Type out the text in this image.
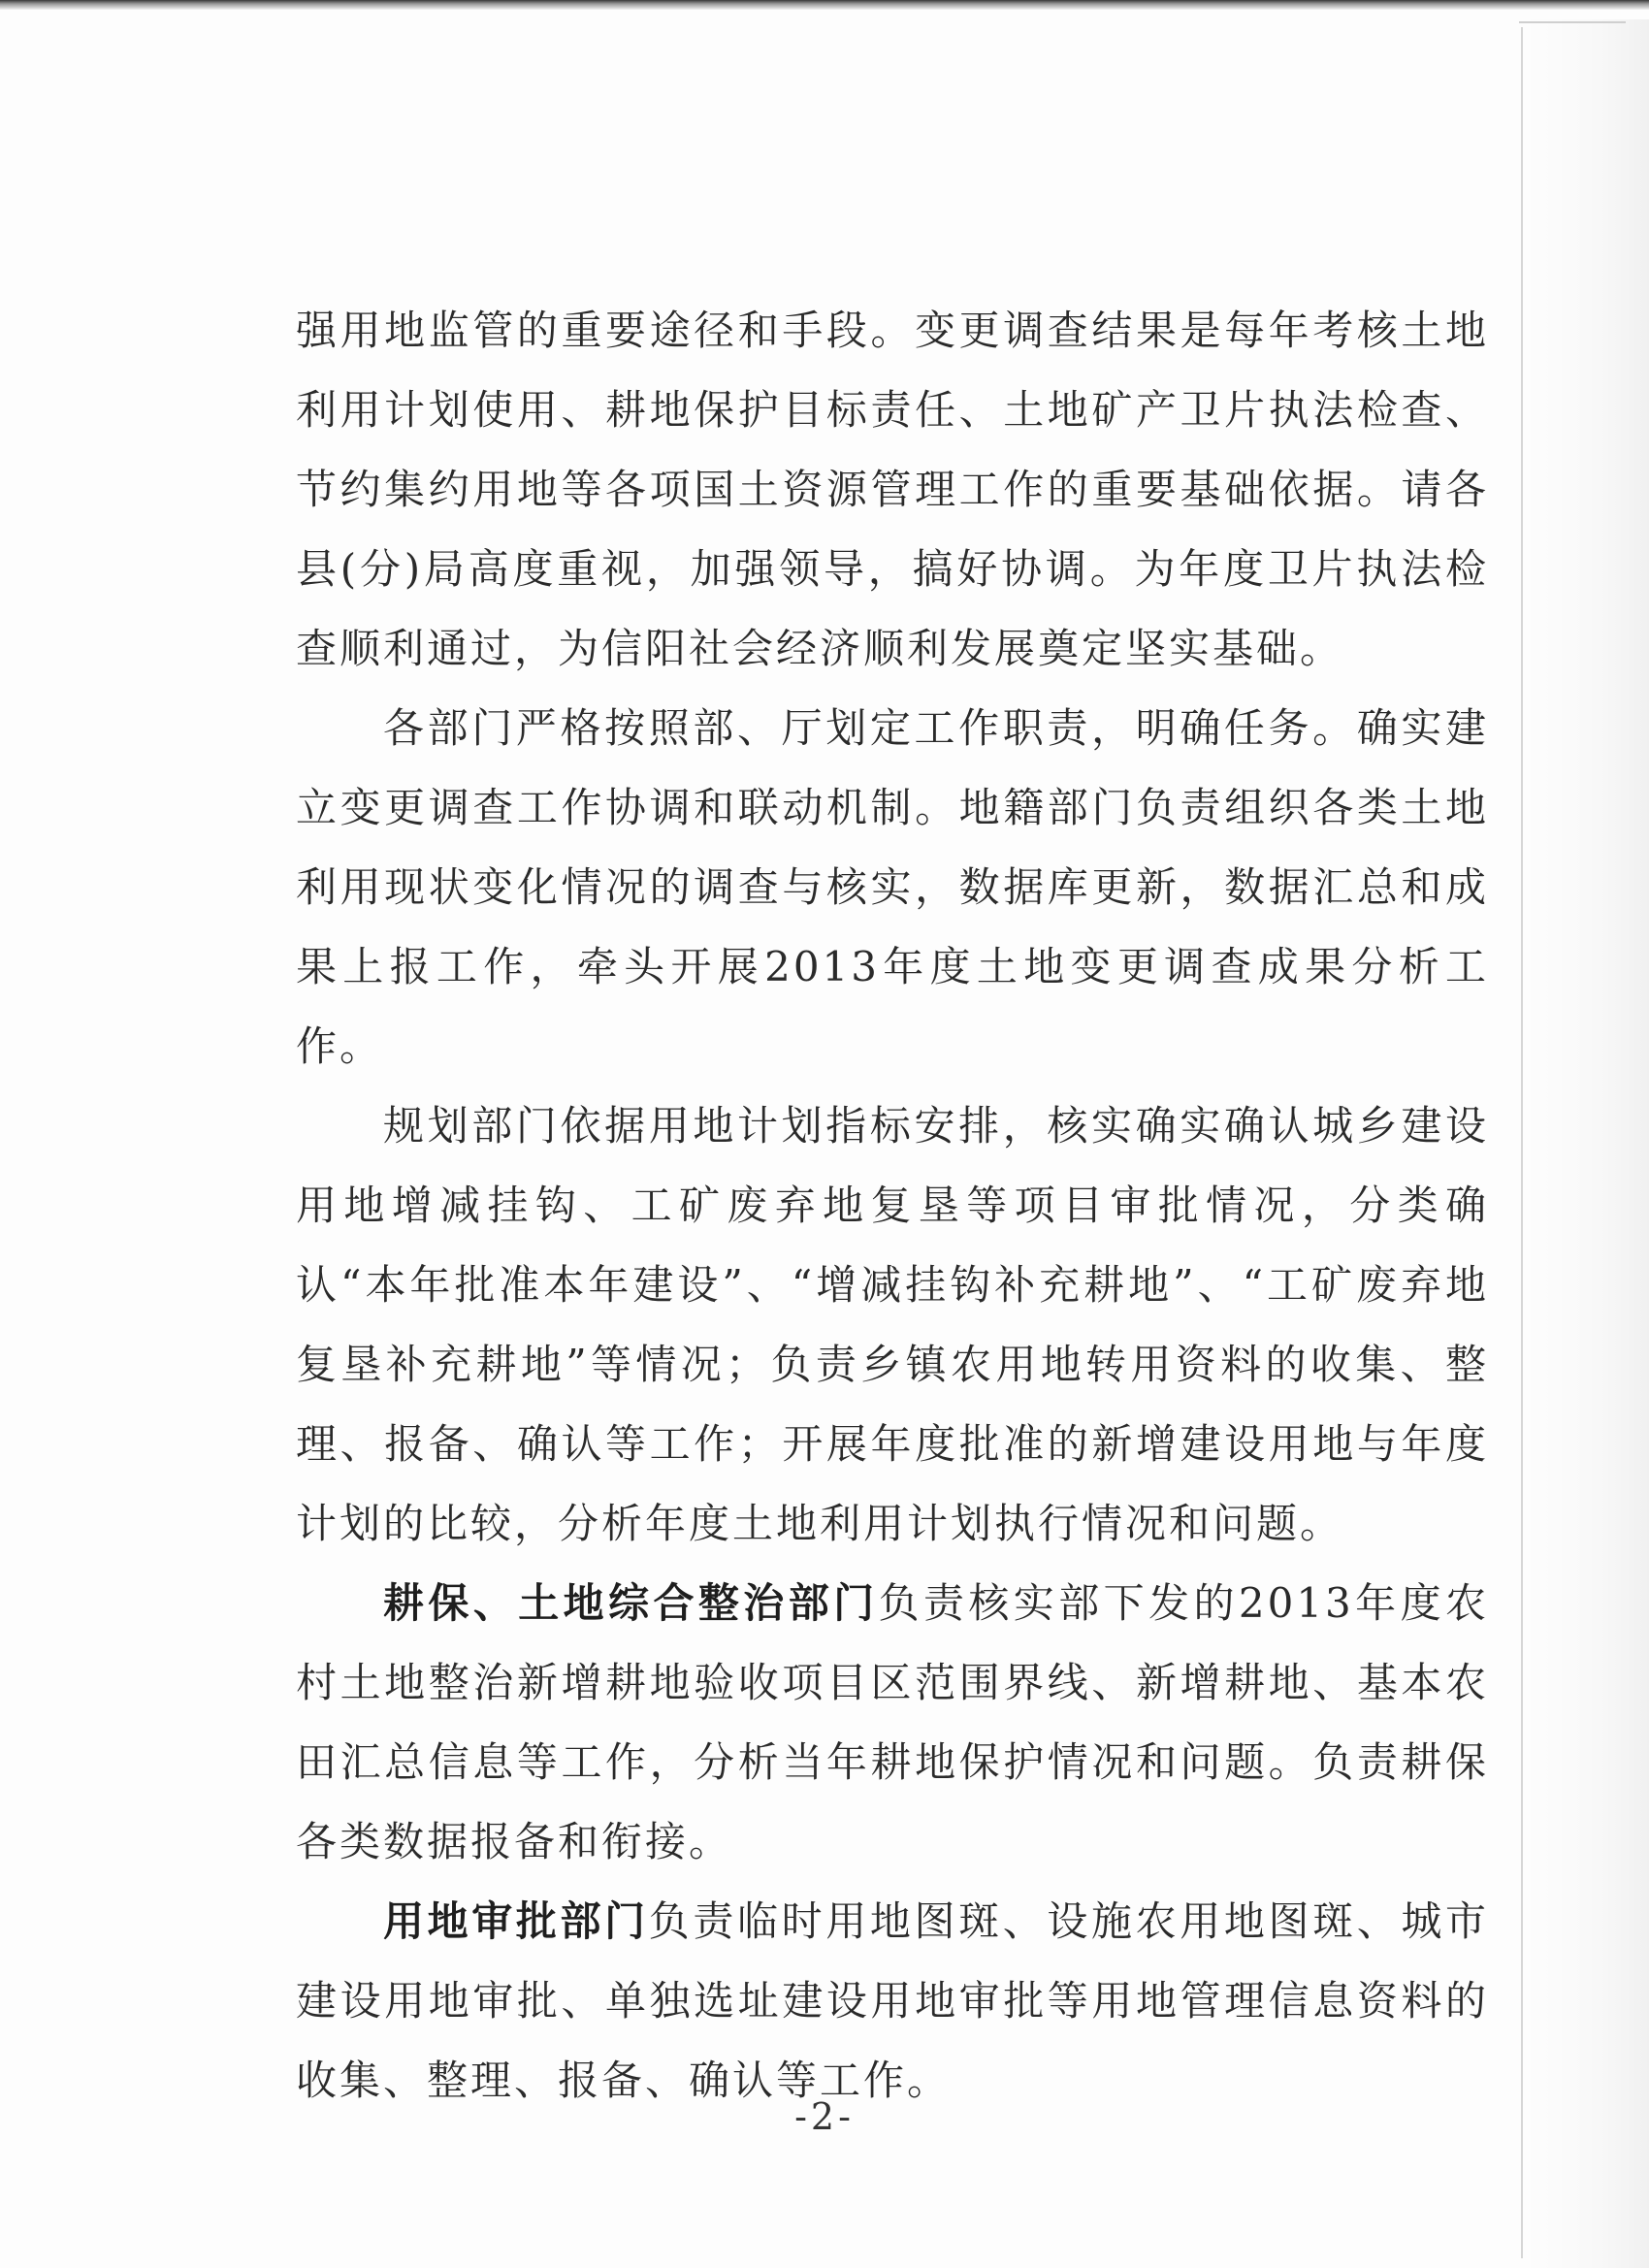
强用地监管的重要途径和手段。变更调查结果是每年考核土地利用计划使用、耕地保护目标责任、土地矿产卫片执法检查、节约集约用地等各项国土资源管理工作的重要基础依据。请各县(分)局高度重视，加强领导，搞好协调。为年度卫片执法检查顺利通过，为信阳社会经济顺利发展奠定坚实基础。

各部门严格按照部、厅划定工作职责，明确任务。确实建立变更调查工作协调和联动机制。地籍部门负责组织各类土地利用现状变化情况的调查与核实，数据库更新，数据汇总和成果上报工作，牵头开展2013年度土地变更调查成果分析工作。

规划部门依据用地计划指标安排，核实确实确认城乡建设用地增减挂钩、工矿废弃地复垦等项目审批情况，分类确认“本年批准本年建设”、“增减挂钩补充耕地”、“工矿废弃地复垦补充耕地”等情况；负责乡镇农用地转用资料的收集、整理、报备、确认等工作；开展年度批准的新增建设用地与年度计划的比较，分析年度土地利用计划执行情况和问题。

耕保、土地综合整治部门负责核实部下发的2013年度农村土地整治新增耕地验收项目区范围界线、新增耕地、基本农田汇总信息等工作，分析当年耕地保护情况和问题。负责耕保各类数据报备和衔接。

用地审批部门负责临时用地图斑、设施农用地图斑、城市建设用地审批、单独选址建设用地审批等用地管理信息资料的收集、整理、报备、确认等工作。

-2-
